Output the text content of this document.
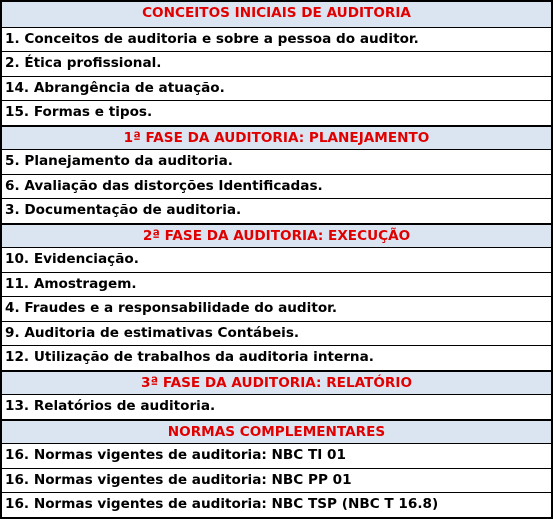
CONCEITOS INICIAIS DE AUDITORIA
1. Conceitos de auditoria e sobre a pessoa do auditor.
2. Ética profissional.
14. Abrangência de atuação.
15. Formas e tipos.
1ª FASE DA AUDITORIA: PLANEJAMENTO
5. Planejamento da auditoria.
6. Avaliação das distorções Identificadas.
3. Documentação de auditoria.
2ª FASE DA AUDITORIA: EXECUÇÃO
10. Evidenciação.
11. Amostragem.
4. Fraudes e a responsabilidade do auditor.
9. Auditoria de estimativas Contábeis.
12. Utilização de trabalhos da auditoria interna.
3ª FASE DA AUDITORIA: RELATÓRIO
13. Relatórios de auditoria.
NORMAS COMPLEMENTARES
16. Normas vigentes de auditoria: NBC TI 01
16. Normas vigentes de auditoria: NBC PP 01
16. Normas vigentes de auditoria: NBC TSP (NBC T 16.8)
